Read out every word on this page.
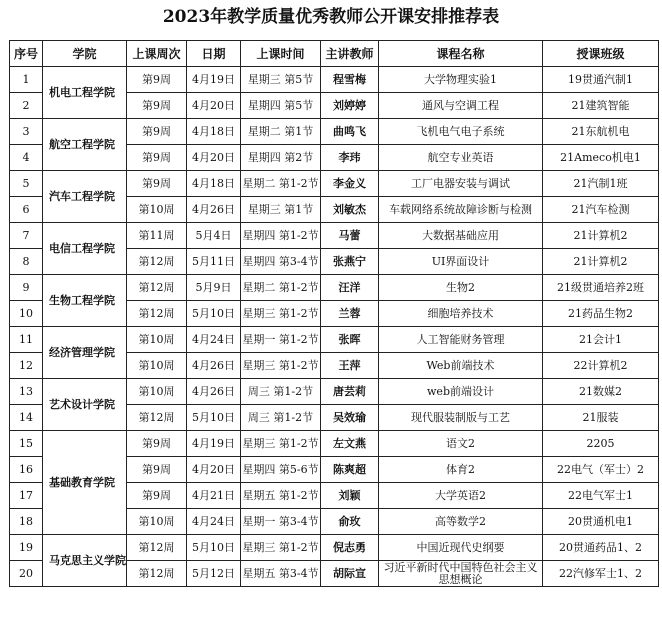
2023年教学质量优秀教师公开课安排推荐表
序号	学院	上课周次	日期	上课时间	主讲教师	课程名称	授课班级
1	机电工程学院	第9周	4月19日	星期三 第5节	程雪梅	大学物理实验1	19贯通汽制1
2		第9周	4月20日	星期四 第5节	刘婷婷	通风与空调工程	21建筑智能
3	航空工程学院	第9周	4月18日	星期二 第1节	曲鸣飞	飞机电气电子系统	21东航机电
4		第9周	4月20日	星期四 第2节	李玮	航空专业英语	21Ameco机电1
5	汽车工程学院	第9周	4月18日	星期二 第1-2节	李金义	工厂电器安装与调试	21汽制1班
6		第10周	4月26日	星期三 第1节	刘敏杰	车载网络系统故障诊断与检测	21汽车检测
7	电信工程学院	第11周	5月4日	星期四 第1-2节	马蕾	大数据基础应用	21计算机2
8		第12周	5月11日	星期四 第3-4节	张燕宁	UI界面设计	21计算机2
9	生物工程学院	第12周	5月9日	星期二 第1-2节	汪洋	生物2	21级贯通培养2班
10		第12周	5月10日	星期三 第1-2节	兰蓉	细胞培养技术	21药品生物2
11	经济管理学院	第10周	4月24日	星期一 第1-2节	张晖	人工智能财务管理	21会计1
12		第10周	4月26日	星期三 第1-2节	王萍	Web前端技术	22计算机2
13	艺术设计学院	第10周	4月26日	周三 第1-2节	唐芸莉	web前端设计	21数媒2
14		第12周	5月10日	周三 第1-2节	吴效瑜	现代服装制版与工艺	21服装
15	基础教育学院	第9周	4月19日	星期三 第1-2节	左文燕	语文2	2205
16		第9周	4月20日	星期四 第5-6节	陈爽超	体育2	22电气（军士）2
17		第9周	4月21日	星期五 第1-2节	刘颖	大学英语2	22电气军士1
18		第10周	4月24日	星期一 第3-4节	俞玫	高等数学2	20贯通机电1
19	马克思主义学院	第12周	5月10日	星期三 第1-2节	倪志勇	中国近现代史纲要	20贯通药品1、2
20		第12周	5月12日	星期五 第3-4节	胡际宣	习近平新时代中国特色社会主义思想概论	22汽修军士1、2
